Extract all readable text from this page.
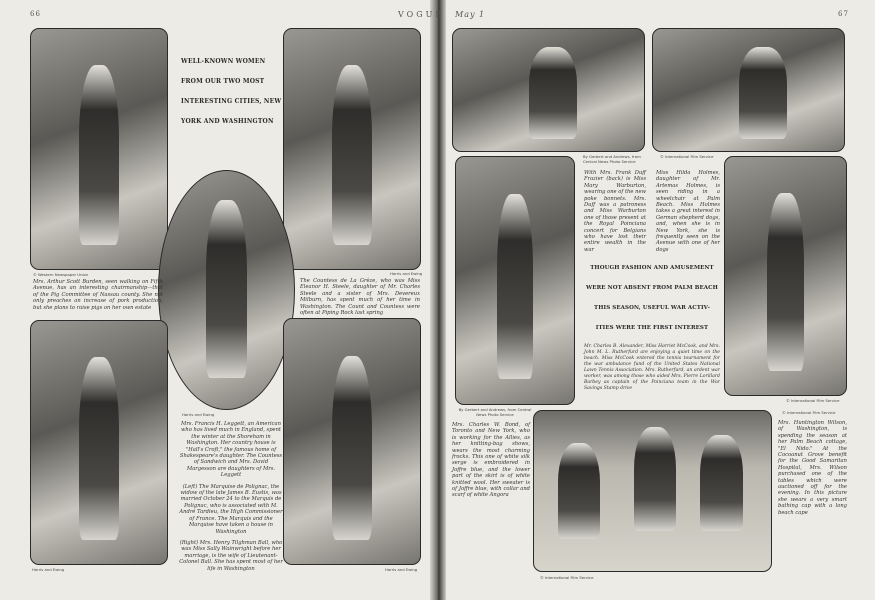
66	VOGUE May 1	67
WELL-KNOWN WOMEN
FROM OUR TWO MOST
INTERESTING CITIES, NEW
YORK AND WASHINGTON
© Western Newspaper Union
Mrs. Arthur Scott Burden, seen walking on Fifth Avenue, has an interesting chairmanship—that of the Pig Committee of Nassau county. She not only preaches an increase of pork production, but she plans to raise pigs on her own estate
Harris and Ewing
The Countess de La Grèze, who was Miss Eleanor H. Steele, daughter of Mr. Charles Steele and a sister of Mrs. Devereux Milburn, has spent much of her time in Washington. The Count and Countess were often at Piping Rock last spring
Harris and Ewing
Mrs. Francis H. Leggett, an American who has lived much in England, spent the winter at the Shoreham in Washington. Her country house is "Hall's Croft," the famous home of Shakespeare's daughter. The Countess of Sandwich and Mrs. David Margesson are daughters of Mrs. Leggett
(Left) The Marquise de Polignac, the widow of the late James B. Eustis, was married October 24 to the Marquis de Polignac, who is associated with M. André Tardieu, the High Commissioner of France. The Marquis and the Marquise have taken a house in Washington
(Right) Mrs. Henry Tilghman Ball, who was Miss Sally Wainwright before her marriage, is the wife of Lieutenant-Colonel Ball. She has spent most of her life in Washington
Harris and Ewing	Harris and Ewing
By Gerbert and Andrews, from Central News Photo Service
© International Film Service
With Mrs. Frank Duff Frazier (back) is Miss Mary Warburton, wearing one of the new poke bonnets. Mrs. Duff was a patroness and Miss Warburton one of those present at the Royal Poinciana concert for Belgians who have lost their entire wealth in the war
Miss Hilda Holmes, daughter of Mr. Artemas Holmes, is seen riding in a wheelchair at Palm Beach. Miss Holmes takes a great interest in German shepherd dogs, and, when she is in New York, she is frequently seen on the Avenue with one of her dogs
THOUGH FASHION AND AMUSEMENT
WERE NOT ABSENT FROM PALM BEACH
THIS SEASON, USEFUL WAR ACTIV-
ITIES WERE THE FIRST INTEREST
Mr. Charles B. Alexander, Miss Harriet McCook, and Mrs. John M. L. Rutherfurd are enjoying a quiet time on the beach. Miss McCook entered the tennis tournament for the war ambulance fund of the United States National Lawn Tennis Association. Mrs. Rutherfurd, an ardent war worker, was among those who aided Mrs. Pierre Lorillard Barbey as captain of the Poinciana team in the War Savings Stamp drive
© International Film Service
By Gerbert and Andrews, from Central News Photo Service
Mrs. Charles W. Bond, of Toronto and New York, who is working for the Allies, as her knitting-bag shows, wears the most charming frocks. This one of white silk serge is embroidered in Joffre blue, and the lower part of the skirt is of white knitted wool. Her sweater is of Joffre blue, with collar and scarf of white Angora
© International Film Service
© International Film Service
Mrs. Huntington Wilson, of Washington, is spending the season at her Palm Beach cottage, "El Nido." At the Cocoanut Grove benefit for the Good Samaritan Hospital, Mrs. Wilson purchased one of the tables which were auctioned off for the evening. In this picture she wears a very smart bathing cap with a long beach cape
